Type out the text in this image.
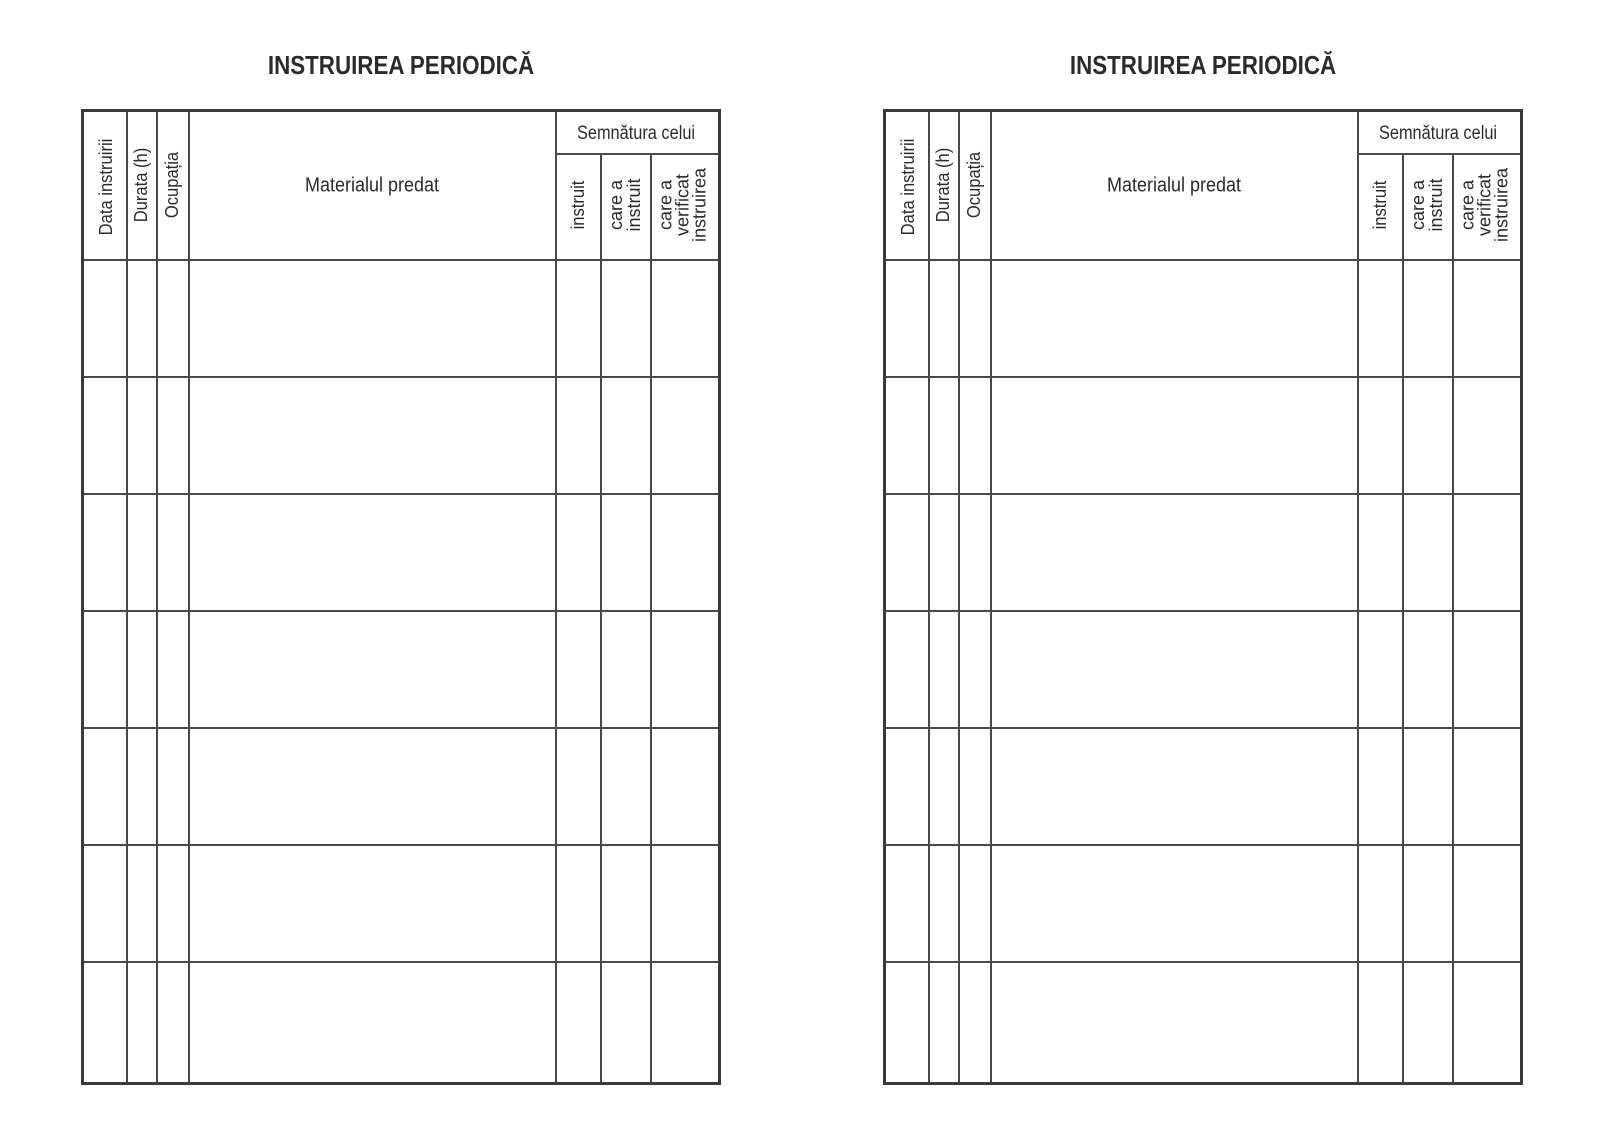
INSTRUIREA PERIODICĂ
Data instruirii Durata (h) Ocupația	Materialul predat
Semnătura celui
instruit care a
instruit care a
verificat
instruirea
INSTRUIREA PERIODICĂ
Data instruirii Durata (h) Ocupația	Materialul predat
Semnătura celui
instruit care a
instruit care a
verificat
instruirea
